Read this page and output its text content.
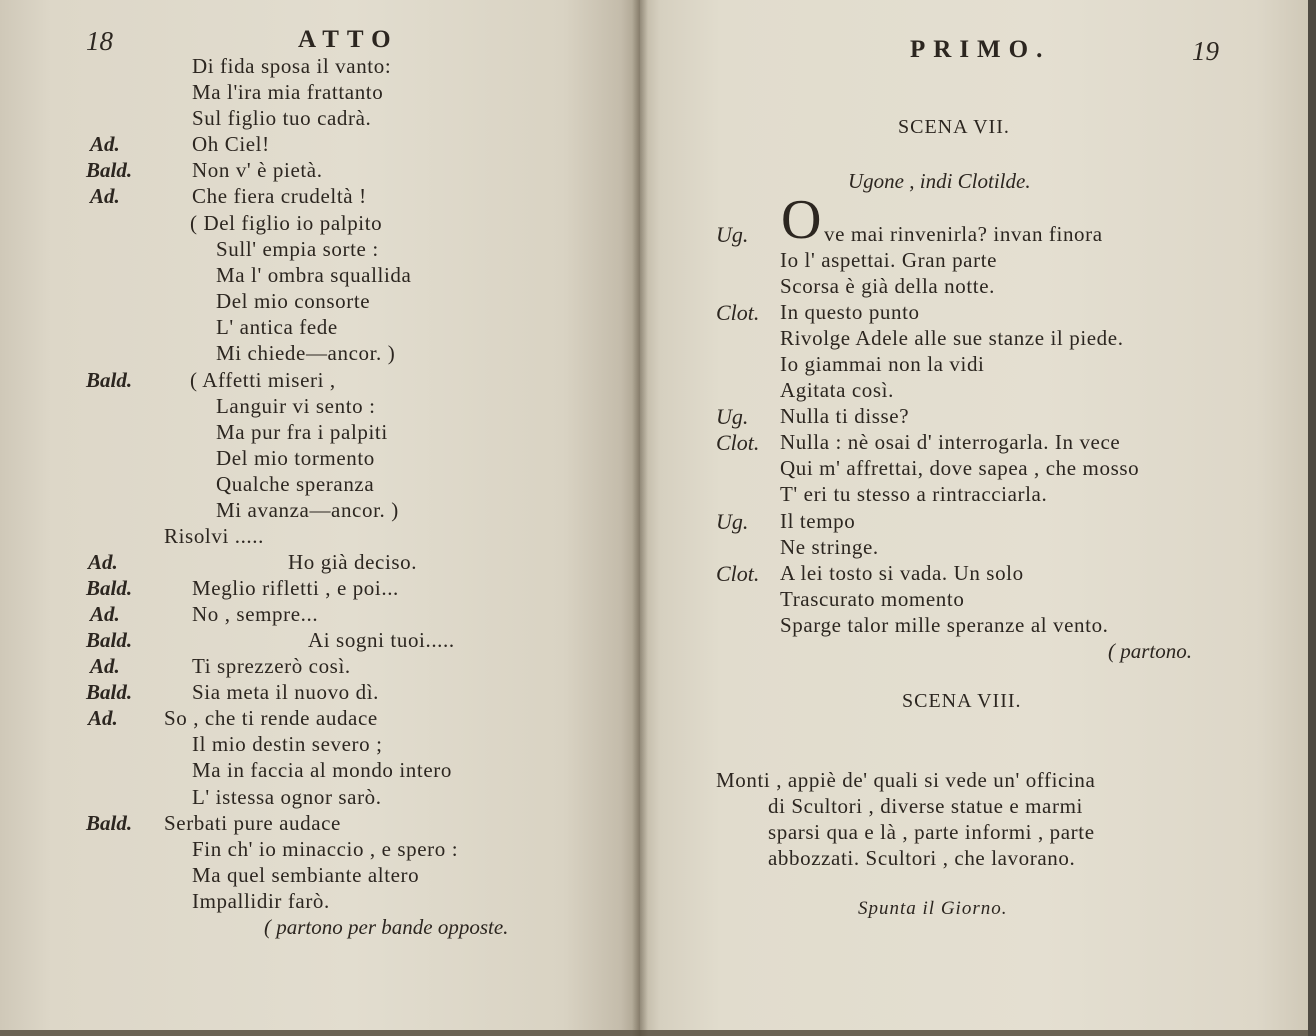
18	ATTO
Di fida sposa il vanto:
Ma l'ira mia frattanto
Sul figlio tuo cadrà.
Ad.	Oh Ciel!
Bald.	Non v' è pietà.
Ad.	Che fiera crudeltà !
( Del figlio io palpito
Sull' empia sorte :
Ma l' ombra squallida
Del mio consorte
L' antica fede
Mi chiede—ancor. )
Bald.	( Affetti miseri ,
Languir vi sento :
Ma pur fra i palpiti
Del mio tormento
Qualche speranza
Mi avanza—ancor. )
Risolvi .....
Ad.	Ho già deciso.
Bald.	Meglio rifletti , e poi...
Ad.	No , sempre...
Bald.	Ai sogni tuoi.....
Ad.	Ti sprezzerò così.
Bald.	Sia meta il nuovo dì.
Ad. So , che ti rende audace
Il mio destin severo ;
Ma in faccia al mondo intero
L' istessa ognor sarò.
Bald. Serbati pure audace
Fin ch' io minaccio , e spero :
Ma quel sembiante altero
Impallidir farò.
( partono per bande opposte.
PRIMO.	19
SCENA VII.
Ugone , indi Clotilde.
Ug. O ve mai rinvenirla? invan finora
Io l' aspettai. Gran parte
Scorsa è già della notte.
Clot. In questo punto
Rivolge Adele alle sue stanze il piede.
Io giammai non la vidi
Agitata così.
Ug. Nulla ti disse?
Clot. Nulla : nè osai d' interrogarla. In vece
Qui m' affrettai, dove sapea , che mosso
T' eri tu stesso a rintracciarla.
Ug. Il tempo
Ne stringe.
Clot. A lei tosto si vada. Un solo
Trascurato momento
Sparge talor mille speranze al vento.
( partono.
SCENA VIII.
Monti , appiè de' quali si vede un' officina
di Scultori , diverse statue e marmi
sparsi qua e là , parte informi , parte
abbozzati. Scultori , che lavorano.
Spunta il Giorno.
